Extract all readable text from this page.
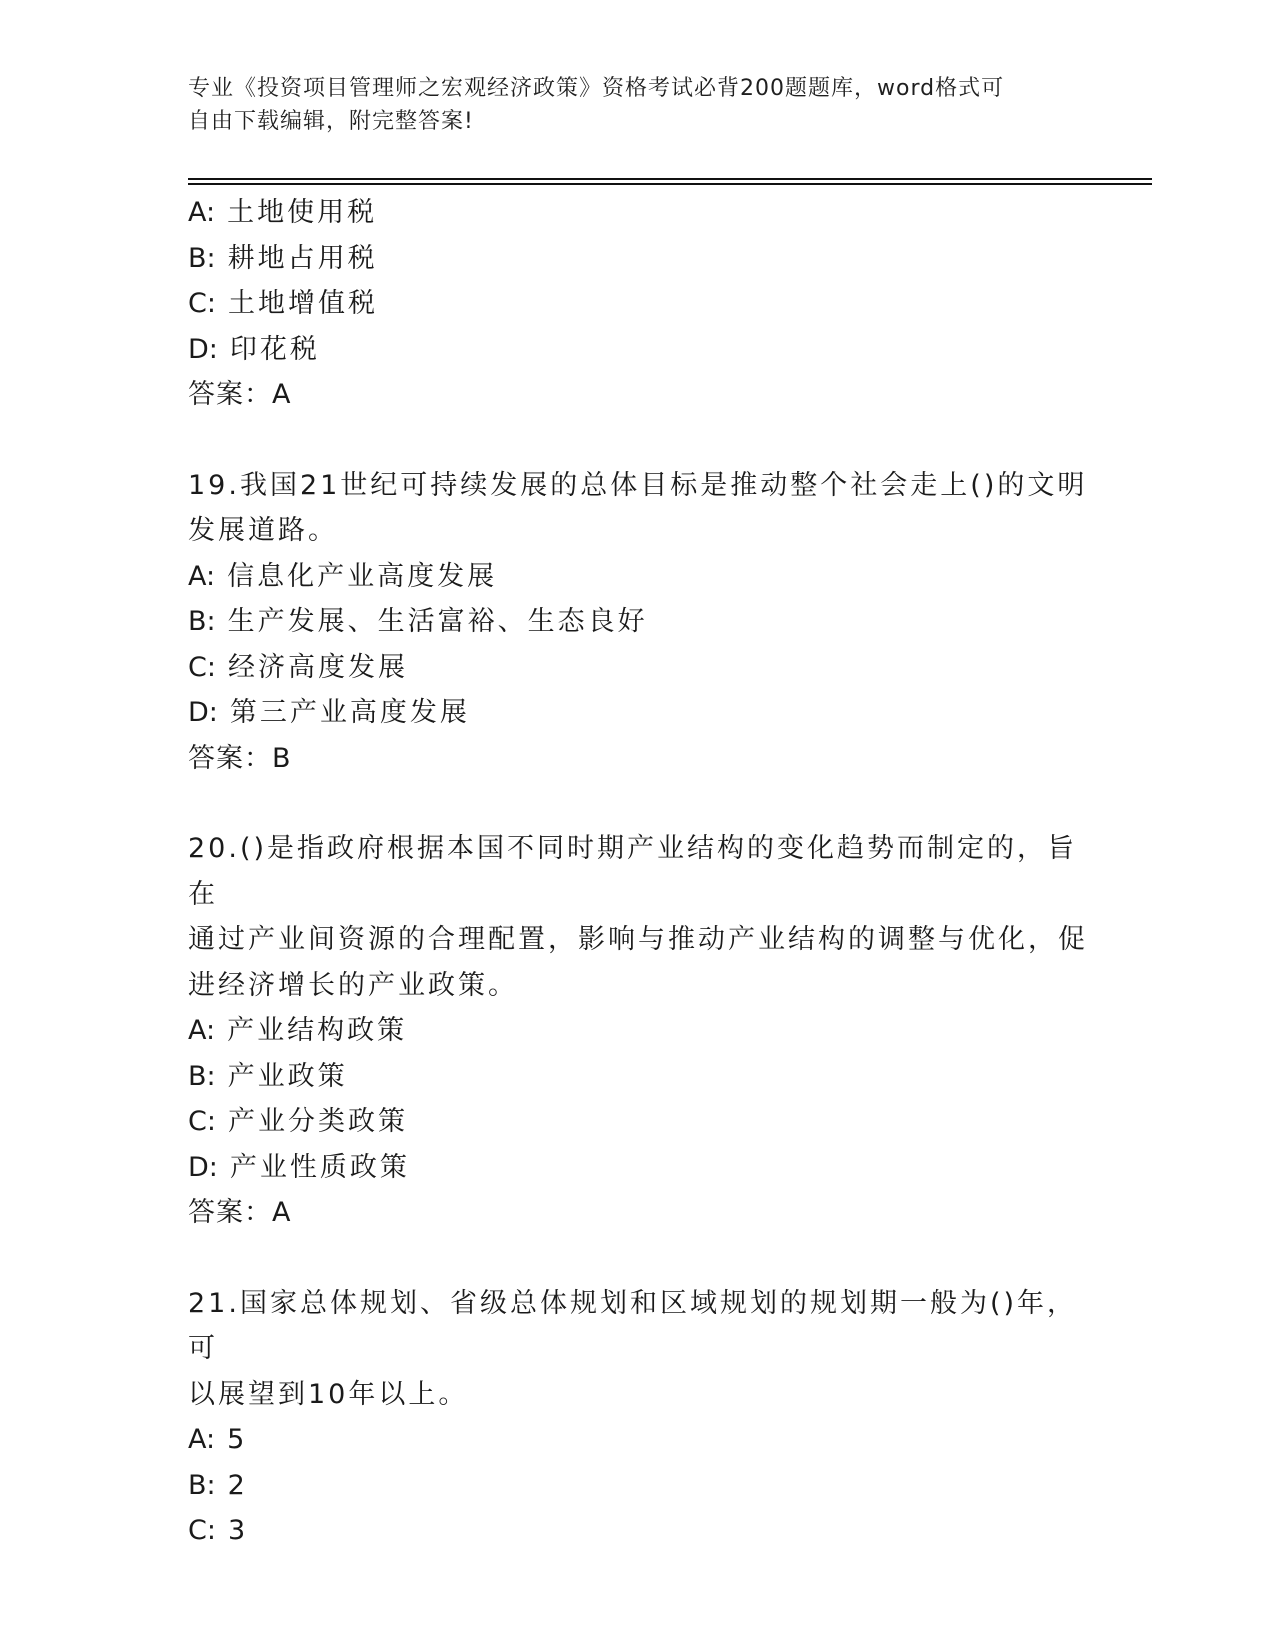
专业《投资项目管理师之宏观经济政策》资格考试必背200题题库，word格式可
自由下载编辑，附完整答案!
A: 土地使用税
B: 耕地占用税
C: 土地增值税
D: 印花税
答案：A
19.我国21世纪可持续发展的总体目标是推动整个社会走上()的文明
发展道路。
A: 信息化产业高度发展
B: 生产发展、生活富裕、生态良好
C: 经济高度发展
D: 第三产业高度发展
答案：B
20.()是指政府根据本国不同时期产业结构的变化趋势而制定的，旨在
通过产业间资源的合理配置，影响与推动产业结构的调整与优化，促
进经济增长的产业政策。
A: 产业结构政策
B: 产业政策
C: 产业分类政策
D: 产业性质政策
答案：A
21.国家总体规划、省级总体规划和区域规划的规划期一般为()年，可
以展望到10年以上。
A: 5
B: 2
C: 3
